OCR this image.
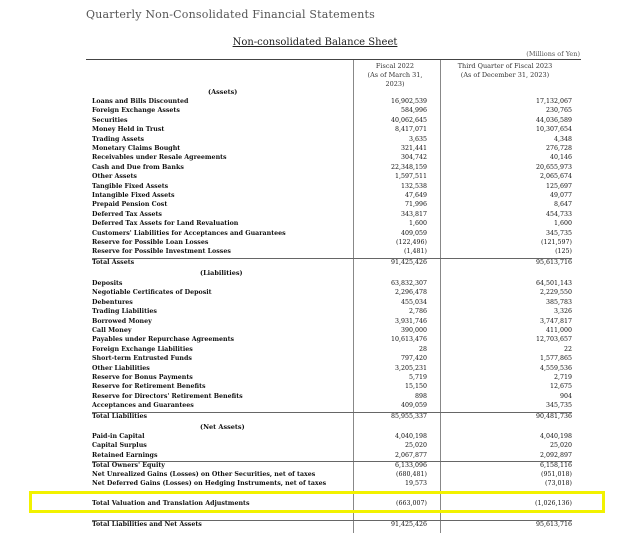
Quarterly Non-Consolidated Financial Statements
Non-consolidated Balance Sheet
(Millions of Yen)
Fiscal 2022
(As of March 31, 2023)
Third Quarter of Fiscal 2023
(As of December 31, 2023)
(Assets)
Loans and Bills Discounted	16,902,539	17,132,067
Foreign Exchange Assets	584,996	230,765
Securities	40,062,645	44,036,589
Money Held in Trust	8,417,071	10,307,654
Trading Assets	3,635	4,348
Monetary Claims Bought	321,441	276,728
Receivables under Resale Agreements	304,742	40,146
Cash and Due from Banks	22,348,159	20,655,973
Other Assets	1,597,511	2,065,674
Tangible Fixed Assets	132,538	125,697
Intangible Fixed Assets	47,649	49,077
Prepaid Pension Cost	71,996	8,647
Deferred Tax Assets	343,817	454,733
Deferred Tax Assets for Land Revaluation	1,600	1,600
Customers' Liabilities for Acceptances and Guarantees	409,059	345,735
Reserve for Possible Loan Losses	(122,496)	(121,597)
Reserve for Possible Investment Losses	(1,481)	(125)
Total Assets	91,425,426	95,613,716
(Liabilities)
Deposits	63,832,307	64,501,143
Negotiable Certificates of Deposit	2,296,478	2,229,550
Debentures	455,034	385,783
Trading Liabilities	2,786	3,326
Borrowed Money	3,931,746	3,747,817
Call Money	390,000	411,000
Payables under Repurchase Agreements	10,613,476	12,703,657
Foreign Exchange Liabilities	28	22
Short-term Entrusted Funds	797,420	1,577,865
Other Liabilities	3,205,231	4,559,536
Reserve for Bonus Payments	5,719	2,719
Reserve for Retirement Benefits	15,150	12,675
Reserve for Directors' Retirement Benefits	898	904
Acceptances and Guarantees	409,059	345,735
Total Liabilities	85,955,337	90,481,736
(Net Assets)
Paid-in Capital	4,040,198	4,040,198
Capital Surplus	25,020	25,020
Retained Earnings	2,067,877	2,092,897
Total Owners' Equity	6,133,096	6,158,116
Net Unrealized Gains (Losses) on Other Securities, net of taxes	(680,481)	(951,018)
Net Deferred Gains (Losses) on Hedging Instruments, net of taxes	19,573	(73,018)
Total Valuation and Translation Adjustments	(663,007)	(1,026,136)
Total Liabilities and Net Assets	91,425,426	95,613,716
